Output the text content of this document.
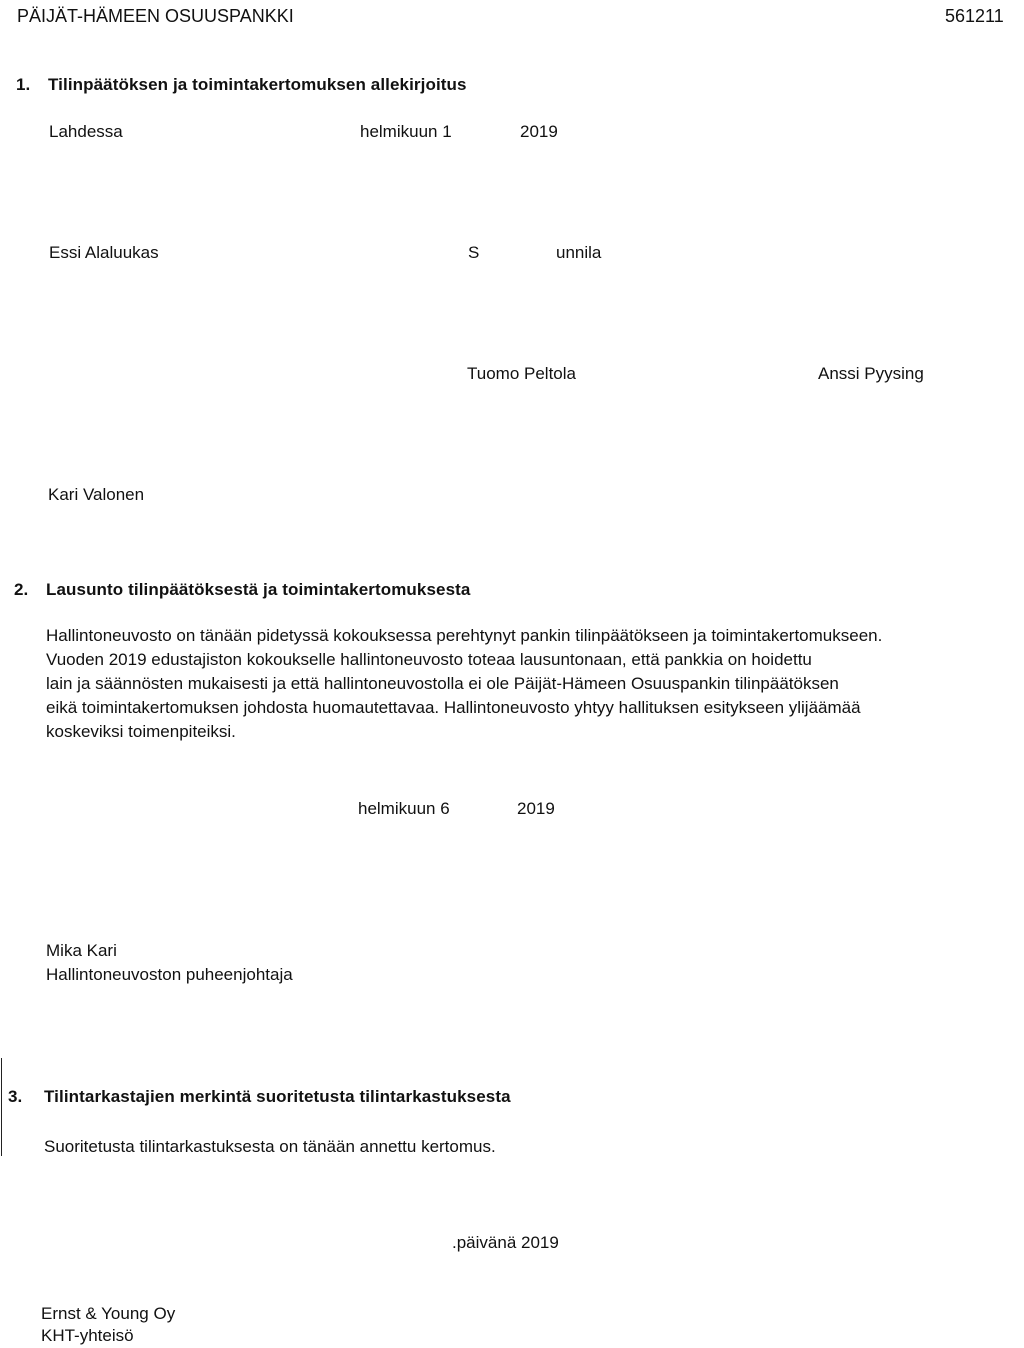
PÄIJÄT-HÄMEEN OSUUSPANKKI	561211
1. Tilinpäätöksen ja toimintakertomuksen allekirjoitus
Lahdessa	helmikuun 1	2019
Essi Alaluukas	S	unnila
Tuomo Peltola	Anssi Pyysing
Kari Valonen
2. Lausunto tilinpäätöksestä ja toimintakertomuksesta
Hallintoneuvosto on tänään pidetyssä kokouksessa perehtynyt pankin tilinpäätökseen ja toimintakertomukseen.
Vuoden 2019 edustajiston kokoukselle hallintoneuvosto toteaa lausuntonaan, että pankkia on hoidettu
lain ja säännösten mukaisesti ja että hallintoneuvostolla ei ole Päijät-Hämeen Osuuspankin tilinpäätöksen
eikä toimintakertomuksen johdosta huomautettavaa. Hallintoneuvosto yhtyy hallituksen esitykseen ylijäämää
koskeviksi toimenpiteiksi.
helmikuun 6	2019
Mika Kari
Hallintoneuvoston puheenjohtaja
3. Tilintarkastajien merkintä suoritetusta tilintarkastuksesta
Suoritetusta tilintarkastuksesta on tänään annettu kertomus.
.päivänä 2019
Ernst & Young Oy
KHT-yhteisö
